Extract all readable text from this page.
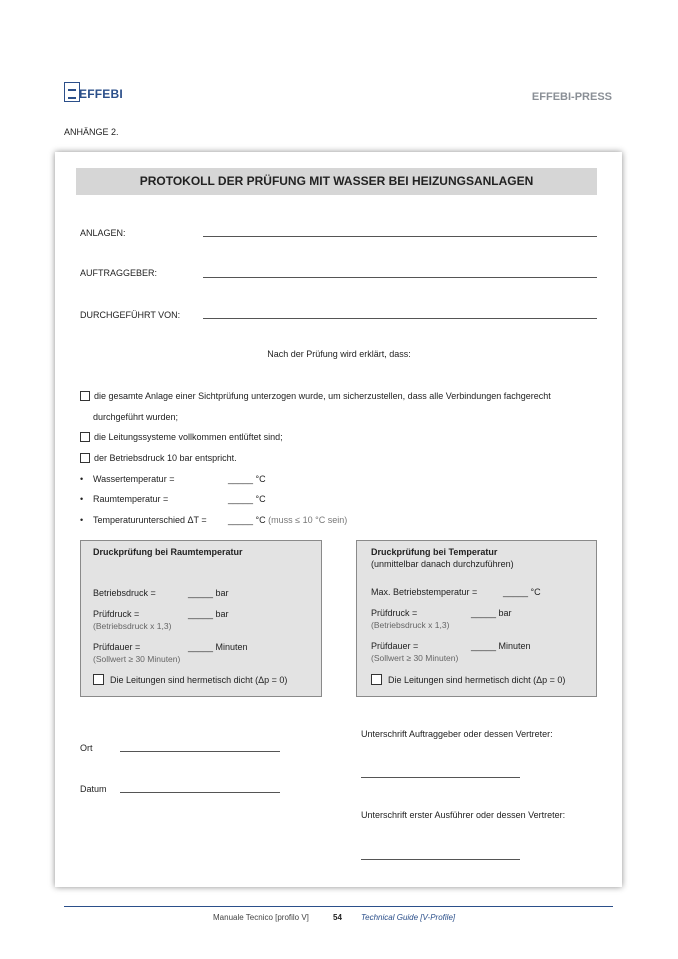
EFFEBI	EFFEBI-PRESS
ANHÄNGE 2.
PROTOKOLL DER PRÜFUNG MIT WASSER BEI HEIZUNGSANLAGEN
ANLAGEN:
AUFTRAGGEBER:
DURCHGEFÜHRT VON:
Nach der Prüfung wird erklärt, dass:
die gesamte Anlage einer Sichtprüfung unterzogen wurde, um sicherzustellen, dass alle Verbindungen fachgerecht
durchgeführt wurden;
die Leitungssysteme vollkommen entlüftet sind;
der Betriebsdruck 10 bar entspricht.
• Wassertemperatur =	_____ °C
• Raumtemperatur =	_____ °C
• Temperaturunterschied ΔT = _____ °C (muss ≤ 10 °C sein)
Druckprüfung bei Raumtemperatur
Betriebsdruck =	_____ bar
Prüfdruck =	_____ bar
(Betriebsdruck x 1,3)
Prüfdauer =	_____ Minuten
(Sollwert ≥ 30 Minuten)
Die Leitungen sind hermetisch dicht (Δp = 0)
Druckprüfung bei Temperatur
(unmittelbar danach durchzuführen)
Max. Betriebstemperatur =	_____ °C
Prüfdruck =	_____ bar
(Betriebsdruck x 1,3)
Prüfdauer =	_____ Minuten
(Sollwert ≥ 30 Minuten)
Die Leitungen sind hermetisch dicht (Δp = 0)
Ort
Datum
Unterschrift Auftraggeber oder dessen Vertreter:
Unterschrift erster Ausführer oder dessen Vertreter:
Manuale Tecnico [profilo V]	54 Technical Guide [V-Profile]
